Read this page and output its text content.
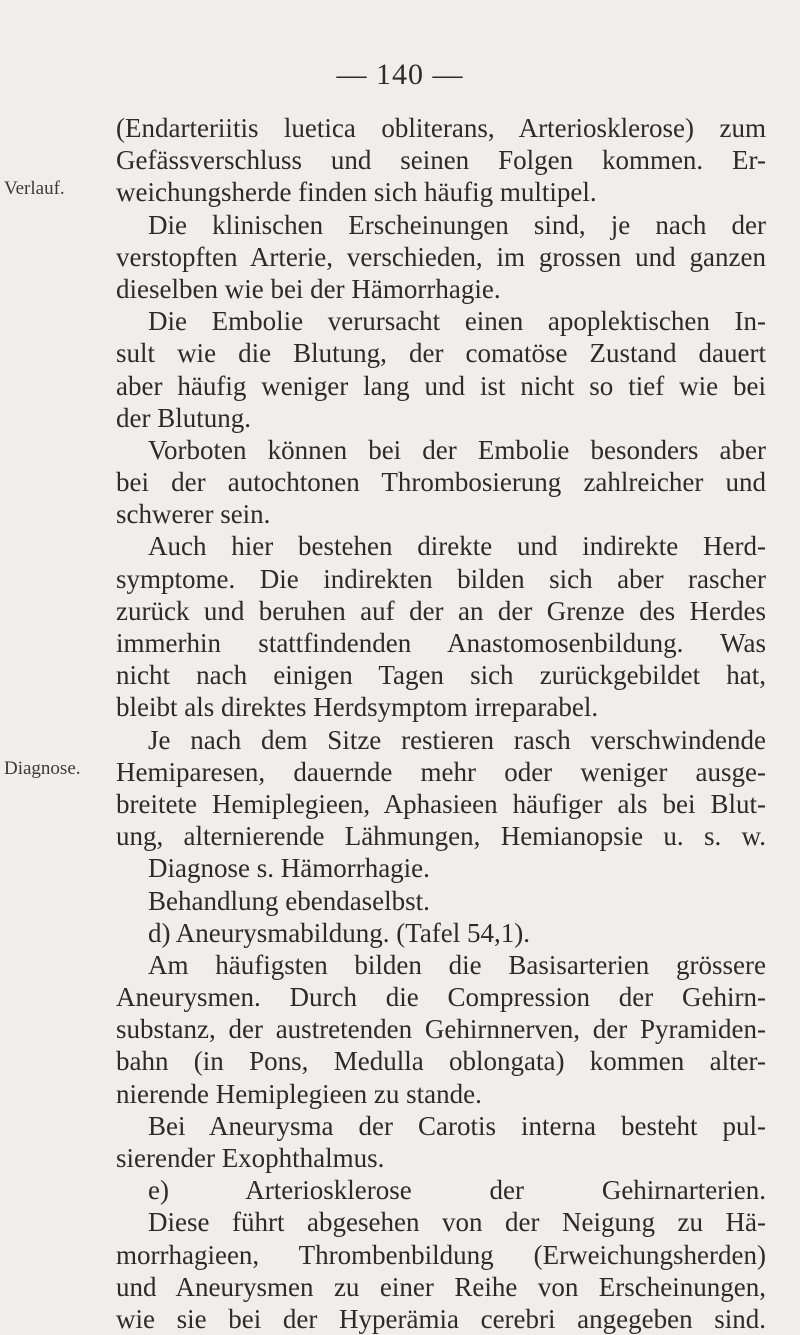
— 140 —
Verlauf.
Diagnose.
(Endarteriitis luetica obliterans, Arteriosklerose) zum
Gefässverschluss und seinen Folgen kommen. Er-
weichungsherde finden sich häufig multipel.
Die klinischen Erscheinungen sind, je nach der
verstopften Arterie, verschieden, im grossen und ganzen
dieselben wie bei der Hämorrhagie.
Die Embolie verursacht einen apoplektischen In-
sult wie die Blutung, der comatöse Zustand dauert
aber häufig weniger lang und ist nicht so tief wie bei
der Blutung.
Vorboten können bei der Embolie besonders aber
bei der autochtonen Thrombosierung zahlreicher und
schwerer sein.
Auch hier bestehen direkte und indirekte Herd-
symptome. Die indirekten bilden sich aber rascher
zurück und beruhen auf der an der Grenze des Herdes
immerhin stattfindenden Anastomosenbildung. Was
nicht nach einigen Tagen sich zurückgebildet hat,
bleibt als direktes Herdsymptom irreparabel.
Je nach dem Sitze restieren rasch verschwindende
Hemiparesen, dauernde mehr oder weniger ausge-
breitete Hemiplegieen, Aphasieen häufiger als bei Blut-
ung, alternierende Lähmungen, Hemianopsie u. s. w.
Diagnose s. Hämorrhagie.
Behandlung ebendaselbst.
d) Aneurysmabildung. (Tafel 54,1).
Am häufigsten bilden die Basisarterien grössere
Aneurysmen. Durch die Compression der Gehirn-
substanz, der austretenden Gehirnnerven, der Pyramiden-
bahn (in Pons, Medulla oblongata) kommen alter-
nierende Hemiplegieen zu stande.
Bei Aneurysma der Carotis interna besteht pul-
sierender Exophthalmus.
e) Arteriosklerose der Gehirnarterien.
Diese führt abgesehen von der Neigung zu Hä-
morrhagieen, Thrombenbildung (Erweichungsherden)
und Aneurysmen zu einer Reihe von Erscheinungen,
wie sie bei der Hyperämia cerebri angegeben sind.
